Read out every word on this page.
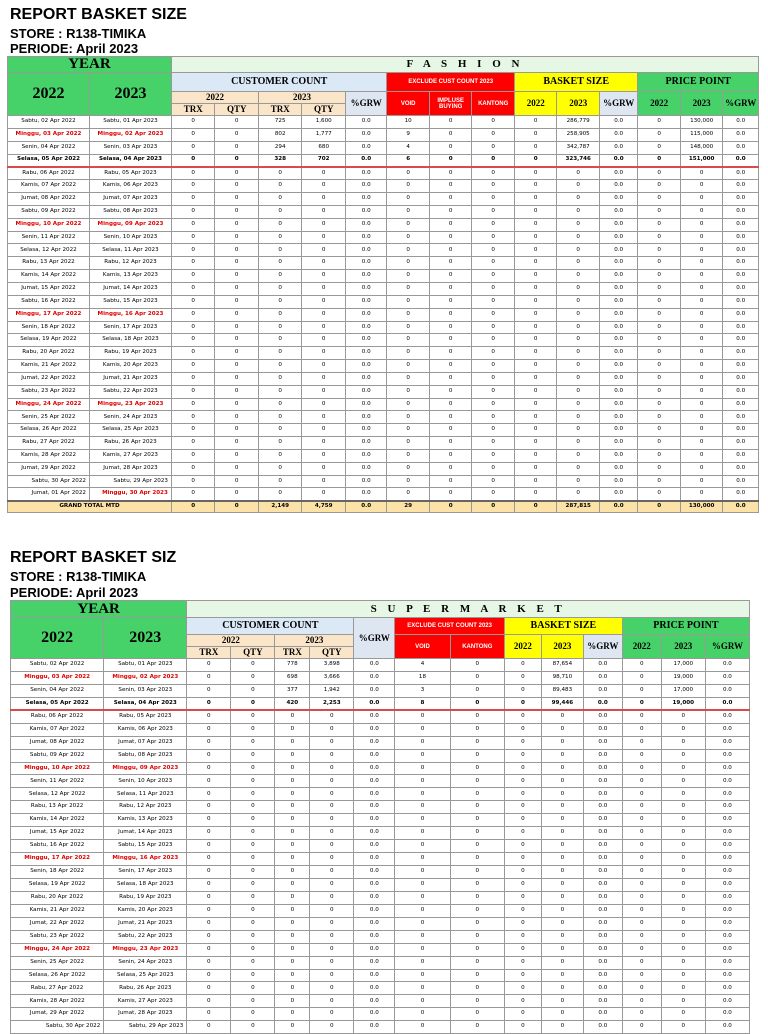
REPORT BASKET SIZE
STORE : R138-TIMIKA
PERIODE: April 2023
YEAR		F A S H I O N													
2022	2023	CUSTOMER COUNT					EXCLUDE CUST COUNT 2023			BASKET SIZE			PRICE POINT		
		2022		2023		%GRW	VOID	IMPLUSE BUYING	KANTONG	2022	2023	%GRW	2022	2023	%GRW
		TRX	QTY	TRX	QTY										
Sabtu, 02 Apr 2022	Sabtu, 01 Apr 2023	0	0	725	1,600	0.0	10	0	0	0	286,779	0.0	0	130,000	0.0
Minggu, 03 Apr 2022	Minggu, 02 Apr 2023	0	0	802	1,777	0.0	9	0	0	0	258,905	0.0	0	115,000	0.0
Senin, 04 Apr 2022	Senin, 03 Apr 2023	0	0	294	680	0.0	4	0	0	0	342,787	0.0	0	148,000	0.0
Selasa, 05 Apr 2022	Selasa, 04 Apr 2023	0	0	328	702	0.0	6	0	0	0	323,746	0.0	0	151,000	0.0
Rabu, 06 Apr 2022	Rabu, 05 Apr 2023	0	0	0	0	0.0	0	0	0	0	0	0.0	0	0	0.0
Kamis, 07 Apr 2022	Kamis, 06 Apr 2023	0	0	0	0	0.0	0	0	0	0	0	0.0	0	0	0.0
Jumat, 08 Apr 2022	Jumat, 07 Apr 2023	0	0	0	0	0.0	0	0	0	0	0	0.0	0	0	0.0
Sabtu, 09 Apr 2022	Sabtu, 08 Apr 2023	0	0	0	0	0.0	0	0	0	0	0	0.0	0	0	0.0
Minggu, 10 Apr 2022	Minggu, 09 Apr 2023	0	0	0	0	0.0	0	0	0	0	0	0.0	0	0	0.0
Senin, 11 Apr 2022	Senin, 10 Apr 2023	0	0	0	0	0.0	0	0	0	0	0	0.0	0	0	0.0
Selasa, 12 Apr 2022	Selasa, 11 Apr 2023	0	0	0	0	0.0	0	0	0	0	0	0.0	0	0	0.0
Rabu, 13 Apr 2022	Rabu, 12 Apr 2023	0	0	0	0	0.0	0	0	0	0	0	0.0	0	0	0.0
Kamis, 14 Apr 2022	Kamis, 13 Apr 2023	0	0	0	0	0.0	0	0	0	0	0	0.0	0	0	0.0
Jumat, 15 Apr 2022	Jumat, 14 Apr 2023	0	0	0	0	0.0	0	0	0	0	0	0.0	0	0	0.0
Sabtu, 16 Apr 2022	Sabtu, 15 Apr 2023	0	0	0	0	0.0	0	0	0	0	0	0.0	0	0	0.0
Minggu, 17 Apr 2022	Minggu, 16 Apr 2023	0	0	0	0	0.0	0	0	0	0	0	0.0	0	0	0.0
Senin, 18 Apr 2022	Senin, 17 Apr 2023	0	0	0	0	0.0	0	0	0	0	0	0.0	0	0	0.0
Selasa, 19 Apr 2022	Selasa, 18 Apr 2023	0	0	0	0	0.0	0	0	0	0	0	0.0	0	0	0.0
Rabu, 20 Apr 2022	Rabu, 19 Apr 2023	0	0	0	0	0.0	0	0	0	0	0	0.0	0	0	0.0
Kamis, 21 Apr 2022	Kamis, 20 Apr 2023	0	0	0	0	0.0	0	0	0	0	0	0.0	0	0	0.0
Jumat, 22 Apr 2022	Jumat, 21 Apr 2023	0	0	0	0	0.0	0	0	0	0	0	0.0	0	0	0.0
Sabtu, 23 Apr 2022	Sabtu, 22 Apr 2023	0	0	0	0	0.0	0	0	0	0	0	0.0	0	0	0.0
Minggu, 24 Apr 2022	Minggu, 23 Apr 2023	0	0	0	0	0.0	0	0	0	0	0	0.0	0	0	0.0
Senin, 25 Apr 2022	Senin, 24 Apr 2023	0	0	0	0	0.0	0	0	0	0	0	0.0	0	0	0.0
Selasa, 26 Apr 2022	Selasa, 25 Apr 2023	0	0	0	0	0.0	0	0	0	0	0	0.0	0	0	0.0
Rabu, 27 Apr 2022	Rabu, 26 Apr 2023	0	0	0	0	0.0	0	0	0	0	0	0.0	0	0	0.0
Kamis, 28 Apr 2022	Kamis, 27 Apr 2023	0	0	0	0	0.0	0	0	0	0	0	0.0	0	0	0.0
Jumat, 29 Apr 2022	Jumat, 28 Apr 2023	0	0	0	0	0.0	0	0	0	0	0	0.0	0	0	0.0
Sabtu, 30 Apr 2022	Sabtu, 29 Apr 2023	0	0	0	0	0.0	0	0	0	0	0	0.0	0	0	0.0
Jumat, 01 Apr 2022	Minggu, 30 Apr 2023	0	0	0	0	0.0	0	0	0	0	0	0.0	0	0	0.0
GRAND TOTAL MTD		0	0	2,149	4,759	0.0	29	0	0	0	287,815	0.0	0	130,000	0.0
REPORT BASKET SIZ
STORE : R138-TIMIKA
PERIODE: April 2023
YEAR		S U P E R M A R K E T												
2022	2023	CUSTOMER COUNT				%GRW	EXCLUDE CUST COUNT 2023		BASKET SIZE			PRICE POINT		
		2022		2023			VOID	KANTONG	2022	2023	%GRW	2022	2023	%GRW
		TRX	QTY	TRX	QTY									
Sabtu, 02 Apr 2022	Sabtu, 01 Apr 2023	0	0	778	3,898	0.0	4	0	0	87,654	0.0	0	17,000	0.0
Minggu, 03 Apr 2022	Minggu, 02 Apr 2023	0	0	698	3,666	0.0	18	0	0	98,710	0.0	0	19,000	0.0
Senin, 04 Apr 2022	Senin, 03 Apr 2023	0	0	377	1,942	0.0	3	0	0	89,483	0.0	0	17,000	0.0
Selasa, 05 Apr 2022	Selasa, 04 Apr 2023	0	0	420	2,253	0.0	8	0	0	99,446	0.0	0	19,000	0.0
Rabu, 06 Apr 2022	Rabu, 05 Apr 2023	0	0	0	0	0.0	0	0	0	0	0.0	0	0	0.0
Kamis, 07 Apr 2022	Kamis, 06 Apr 2023	0	0	0	0	0.0	0	0	0	0	0.0	0	0	0.0
Jumat, 08 Apr 2022	Jumat, 07 Apr 2023	0	0	0	0	0.0	0	0	0	0	0.0	0	0	0.0
Sabtu, 09 Apr 2022	Sabtu, 08 Apr 2023	0	0	0	0	0.0	0	0	0	0	0.0	0	0	0.0
Minggu, 10 Apr 2022	Minggu, 09 Apr 2023	0	0	0	0	0.0	0	0	0	0	0.0	0	0	0.0
Senin, 11 Apr 2022	Senin, 10 Apr 2023	0	0	0	0	0.0	0	0	0	0	0.0	0	0	0.0
Selasa, 12 Apr 2022	Selasa, 11 Apr 2023	0	0	0	0	0.0	0	0	0	0	0.0	0	0	0.0
Rabu, 13 Apr 2022	Rabu, 12 Apr 2023	0	0	0	0	0.0	0	0	0	0	0.0	0	0	0.0
Kamis, 14 Apr 2022	Kamis, 13 Apr 2023	0	0	0	0	0.0	0	0	0	0	0.0	0	0	0.0
Jumat, 15 Apr 2022	Jumat, 14 Apr 2023	0	0	0	0	0.0	0	0	0	0	0.0	0	0	0.0
Sabtu, 16 Apr 2022	Sabtu, 15 Apr 2023	0	0	0	0	0.0	0	0	0	0	0.0	0	0	0.0
Minggu, 17 Apr 2022	Minggu, 16 Apr 2023	0	0	0	0	0.0	0	0	0	0	0.0	0	0	0.0
Senin, 18 Apr 2022	Senin, 17 Apr 2023	0	0	0	0	0.0	0	0	0	0	0.0	0	0	0.0
Selasa, 19 Apr 2022	Selasa, 18 Apr 2023	0	0	0	0	0.0	0	0	0	0	0.0	0	0	0.0
Rabu, 20 Apr 2022	Rabu, 19 Apr 2023	0	0	0	0	0.0	0	0	0	0	0.0	0	0	0.0
Kamis, 21 Apr 2022	Kamis, 20 Apr 2023	0	0	0	0	0.0	0	0	0	0	0.0	0	0	0.0
Jumat, 22 Apr 2022	Jumat, 21 Apr 2023	0	0	0	0	0.0	0	0	0	0	0.0	0	0	0.0
Sabtu, 23 Apr 2022	Sabtu, 22 Apr 2023	0	0	0	0	0.0	0	0	0	0	0.0	0	0	0.0
Minggu, 24 Apr 2022	Minggu, 23 Apr 2023	0	0	0	0	0.0	0	0	0	0	0.0	0	0	0.0
Senin, 25 Apr 2022	Senin, 24 Apr 2023	0	0	0	0	0.0	0	0	0	0	0.0	0	0	0.0
Selasa, 26 Apr 2022	Selasa, 25 Apr 2023	0	0	0	0	0.0	0	0	0	0	0.0	0	0	0.0
Rabu, 27 Apr 2022	Rabu, 26 Apr 2023	0	0	0	0	0.0	0	0	0	0	0.0	0	0	0.0
Kamis, 28 Apr 2022	Kamis, 27 Apr 2023	0	0	0	0	0.0	0	0	0	0	0.0	0	0	0.0
Jumat, 29 Apr 2022	Jumat, 28 Apr 2023	0	0	0	0	0.0	0	0	0	0	0.0	0	0	0.0
Sabtu, 30 Apr 2022	Sabtu, 29 Apr 2023	0	0	0	0	0.0	0	0	0	0	0.0	0	0	0.0
